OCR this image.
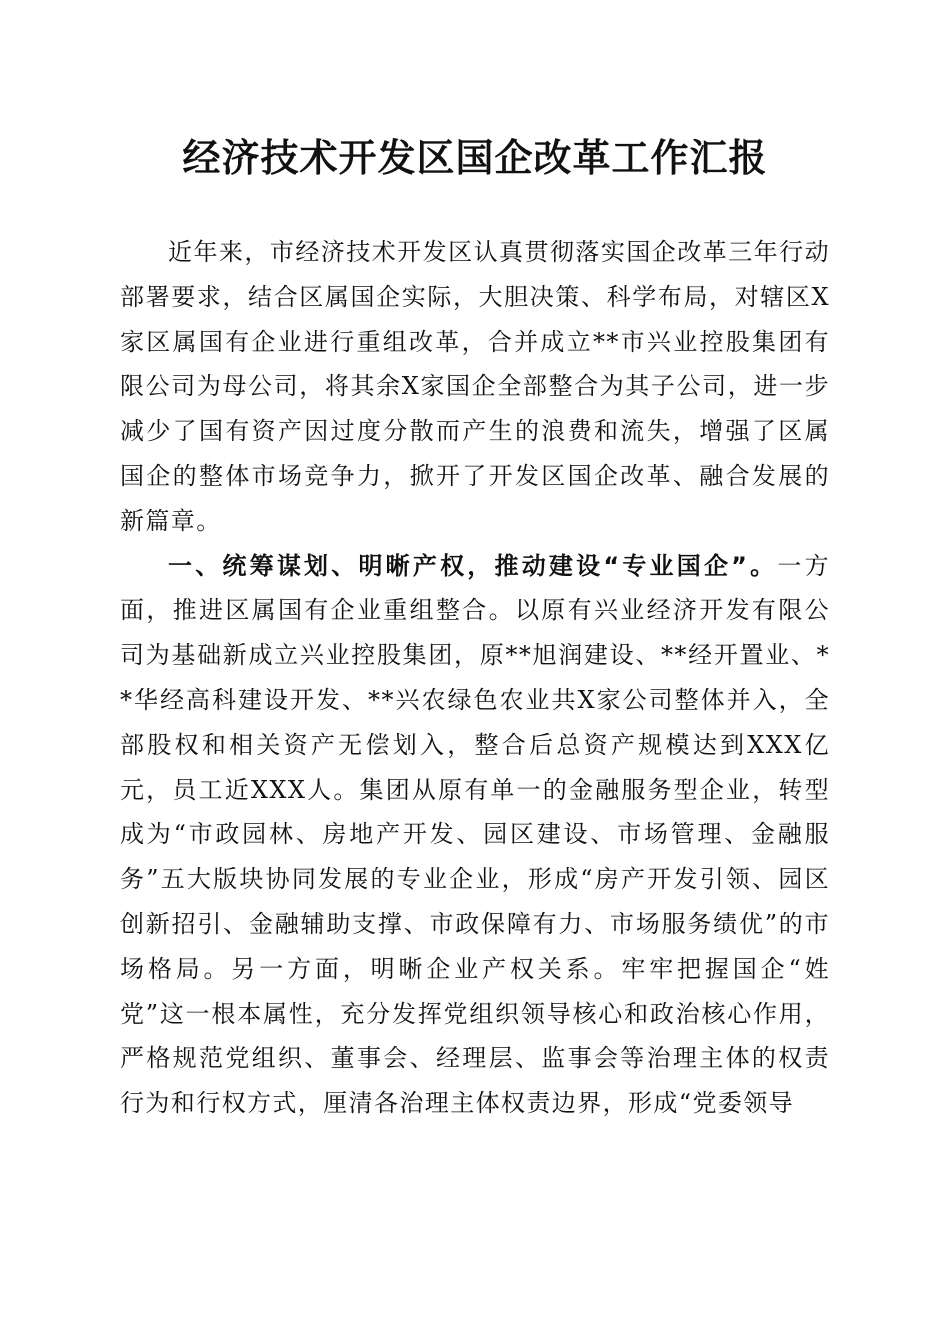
经济技术开发区国企改革工作汇报

近年来，市经济技术开发区认真贯彻落实国企改革三年行动部署要求，结合区属国企实际，大胆决策、科学布局，对辖区X家区属国有企业进行重组改革，合并成立**市兴业控股集团有限公司为母公司，将其余X家国企全部整合为其子公司，进一步减少了国有资产因过度分散而产生的浪费和流失，增强了区属国企的整体市场竞争力，掀开了开发区国企改革、融合发展的新篇章。

一、统筹谋划、明晰产权，推动建设“专业国企”。一方面，推进区属国有企业重组整合。以原有兴业经济开发有限公司为基础新成立兴业控股集团，原**旭润建设、**经开置业、**华经高科建设开发、**兴农绿色农业共X家公司整体并入，全部股权和相关资产无偿划入，整合后总资产规模达到XXX亿元，员工近XXX人。集团从原有单一的金融服务型企业，转型成为“市政园林、房地产开发、园区建设、市场管理、金融服务”五大版块协同发展的专业企业，形成“房产开发引领、园区创新招引、金融辅助支撑、市政保障有力、市场服务绩优”的市场格局。另一方面，明晰企业产权关系。牢牢把握国企“姓党”这一根本属性，充分发挥党组织领导核心和政治核心作用，严格规范党组织、董事会、经理层、监事会等治理主体的权责行为和行权方式，厘清各治理主体权责边界，形成“党委领导
